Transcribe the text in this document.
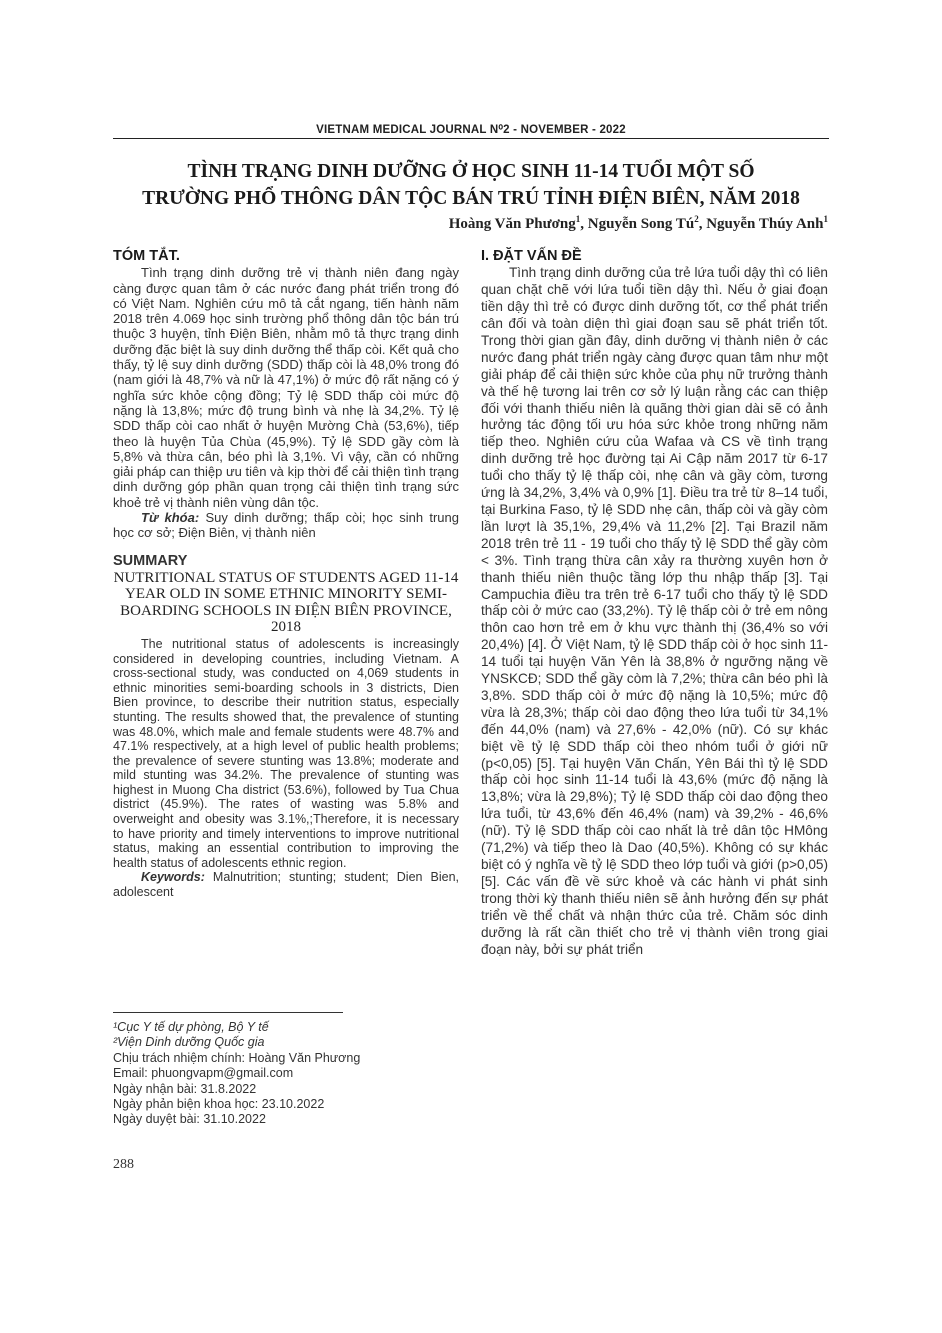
VIETNAM MEDICAL JOURNAL N⁰2 - NOVEMBER - 2022
TÌNH TRẠNG DINH DƯỠNG Ở HỌC SINH 11-14 TUỔI MỘT SỐ
TRƯỜNG PHỔ THÔNG DÂN TỘC BÁN TRÚ TỈNH ĐIỆN BIÊN, NĂM 2018
Hoàng Văn Phương$^1$, Nguyễn Song $Tú^2$, Nguyễn Thúy Anh$^1$
TÓM TẮT.

Tình trạng dinh dưỡng trẻ vị thành niên đang ngày càng được quan tâm ở các nước đang phát triển trong đó có Việt Nam. Nghiên cứu mô tả cắt ngang, tiến hành năm 2018 trên 4.069 học sinh trường phổ thông dân tộc bán trú thuộc 3 huyện, tỉnh Điện Biên, nhằm mô tả thực trạng dinh dưỡng đặc biệt là suy dinh dưỡng thể thấp còi. Kết quả cho thấy, tỷ lệ suy dinh dưỡng (SDD) thấp còi là 48,0% trong đó (nam giới là 48,7% và nữ là 47,1%) ở mức độ rất nặng có ý nghĩa sức khỏe cộng đồng; Tỷ lệ SDD thấp còi mức độ nặng là 13,8%; mức độ trung bình và nhẹ là 34,2%. Tỷ lệ SDD thấp còi cao nhất ở huyện Mường Chà (53,6%), tiếp theo là huyện Tủa Chùa (45,9%). Tỷ lệ SDD gầy còm là 5,8% và thừa cân, béo phì là 3,1%. Vì vậy, cần có những giải pháp can thiệp ưu tiên và kịp thời để cải thiện tình trạng dinh dưỡng góp phần quan trọng cải thiện tình trạng sức khoẻ trẻ vị thành niên vùng dân tộc.

Từ khóa: Suy dinh dưỡng; thấp còi; học sinh trung học cơ sở; Điện Biên, vị thành niên

SUMMARY
NUTRITIONAL STATUS OF STUDENTS AGED 11-14 YEAR OLD IN SOME ETHNIC MINORITY SEMI-BOARDING SCHOOLS IN ĐIỆN BIÊN PROVINCE, 2018

The nutritional status of adolescents is increasingly considered in developing countries, including Vietnam. A cross-sectional study, was conducted on 4,069 students in ethnic minorities semi-boarding schools in 3 districts, Dien Bien province, to describe their nutrition status, especially stunting. The results showed that, the prevalence of stunting was 48.0%, which male and female students were 48.7% and 47.1% respectively, at a high level of public health problems; the prevalence of severe stunting was 13.8%; moderate and mild stunting was 34.2%. The prevalence of stunting was highest in Muong Cha district (53.6%), followed by Tua Chua district (45.9%). The rates of wasting was 5.8% and overweight and obesity was 3.1%,;Therefore, it is necessary to have priority and timely interventions to improve nutritional status, making an essential contribution to improving the health status of adolescents ethnic region.

Keywords: Malnutrition; stunting; student; Dien Bien, adolescent

¹Cục Y tế dự phòng, Bộ Y tế
²Viện Dinh dưỡng Quốc gia
Chịu trách nhiệm chính: Hoàng Văn Phương
Email: phuongvapm@gmail.com
Ngày nhận bài: 31.8.2022
Ngày phản biện khoa học: 23.10.2022
Ngày duyệt bài: 31.10.2022
288
I. ĐẶT VẤN ĐỀ

Tình trạng dinh dưỡng của trẻ lứa tuổi dậy thì có liên quan chặt chẽ với lứa tuổi tiền dậy thì. Nếu ở giai đoạn tiền dậy thì trẻ có được dinh dưỡng tốt, cơ thể phát triển cân đối và toàn diện thì giai đoạn sau sẽ phát triển tốt. Trong thời gian gần đây, dinh dưỡng vị thành niên ở các nước đang phát triển ngày càng được quan tâm như một giải pháp để cải thiện sức khỏe của phụ nữ trưởng thành và thế hệ tương lai trên cơ sở lý luận rằng các can thiệp đối với thanh thiếu niên là quãng thời gian dài sẽ có ảnh hưởng tác động tối ưu hóa sức khỏe trong những năm tiếp theo. Nghiên cứu của Wafaa và CS về tình trạng dinh dưỡng trẻ học đường tại Ai Cập năm 2017 từ 6-17 tuổi cho thấy tỷ lệ thấp còi, nhẹ cân và gầy còm, tương ứng là 34,2%, 3,4% và 0,9% [1]. Điều tra trẻ từ 8–14 tuổi, tại Burkina Faso, tỷ lệ SDD nhẹ cân, thấp còi và gầy còm lần lượt là 35,1%, 29,4% và 11,2% [2]. Tại Brazil năm 2018 trên trẻ 11 - 19 tuổi cho thấy tỷ lệ SDD thể gầy còm < 3%. Tình trạng thừa cân xảy ra thường xuyên hơn ở thanh thiếu niên thuộc tầng lớp thu nhập thấp [3]. Tại Campuchia điều tra trên trẻ 6-17 tuổi cho thấy tỷ lệ SDD thấp còi ở mức cao (33,2%). Tỷ lệ thấp còi ở trẻ em nông thôn cao hơn trẻ em ở khu vực thành thị (36,4% so với 20,4%) [4]. Ở Việt Nam, tỷ lệ SDD thấp còi ở học sinh 11-14 tuổi tại huyện Văn Yên là 38,8% ở ngưỡng nặng về YNSKCĐ; SDD thể gầy còm là 7,2%; thừa cân béo phì là 3,8%. SDD thấp còi ở mức độ nặng là 10,5%; mức độ vừa là 28,3%; thấp còi dao động theo lứa tuổi từ 34,1% đến 44,0% (nam) và 27,6% - 42,0% (nữ). Có sự khác biệt về tỷ lệ SDD thấp còi theo nhóm tuổi ở giới nữ (p<0,05) [5]. Tại huyện Văn Chấn, Yên Bái thì tỷ lệ SDD thấp còi học sinh 11-14 tuổi là 43,6% (mức độ nặng là 13,8%; vừa là 29,8%); Tỷ lệ SDD thấp còi dao động theo lứa tuổi, từ 43,6% đến 46,4% (nam) và 39,2% - 46,6% (nữ). Tỷ lệ SDD thấp còi cao nhất là trẻ dân tộc HMông (71,2%) và tiếp theo là Dao (40,5%). Không có sự khác biệt có ý nghĩa về tỷ lệ SDD theo lớp tuổi và giới (p>0,05) [5]. Các vấn đề về sức khoẻ và các hành vi phát sinh trong thời kỳ thanh thiếu niên sẽ ảnh hưởng đến sự phát triển về thể chất và nhận thức của trẻ. Chăm sóc dinh dưỡng là rất cần thiết cho trẻ vị thành viên trong giai đoạn này, bởi sự phát triển
